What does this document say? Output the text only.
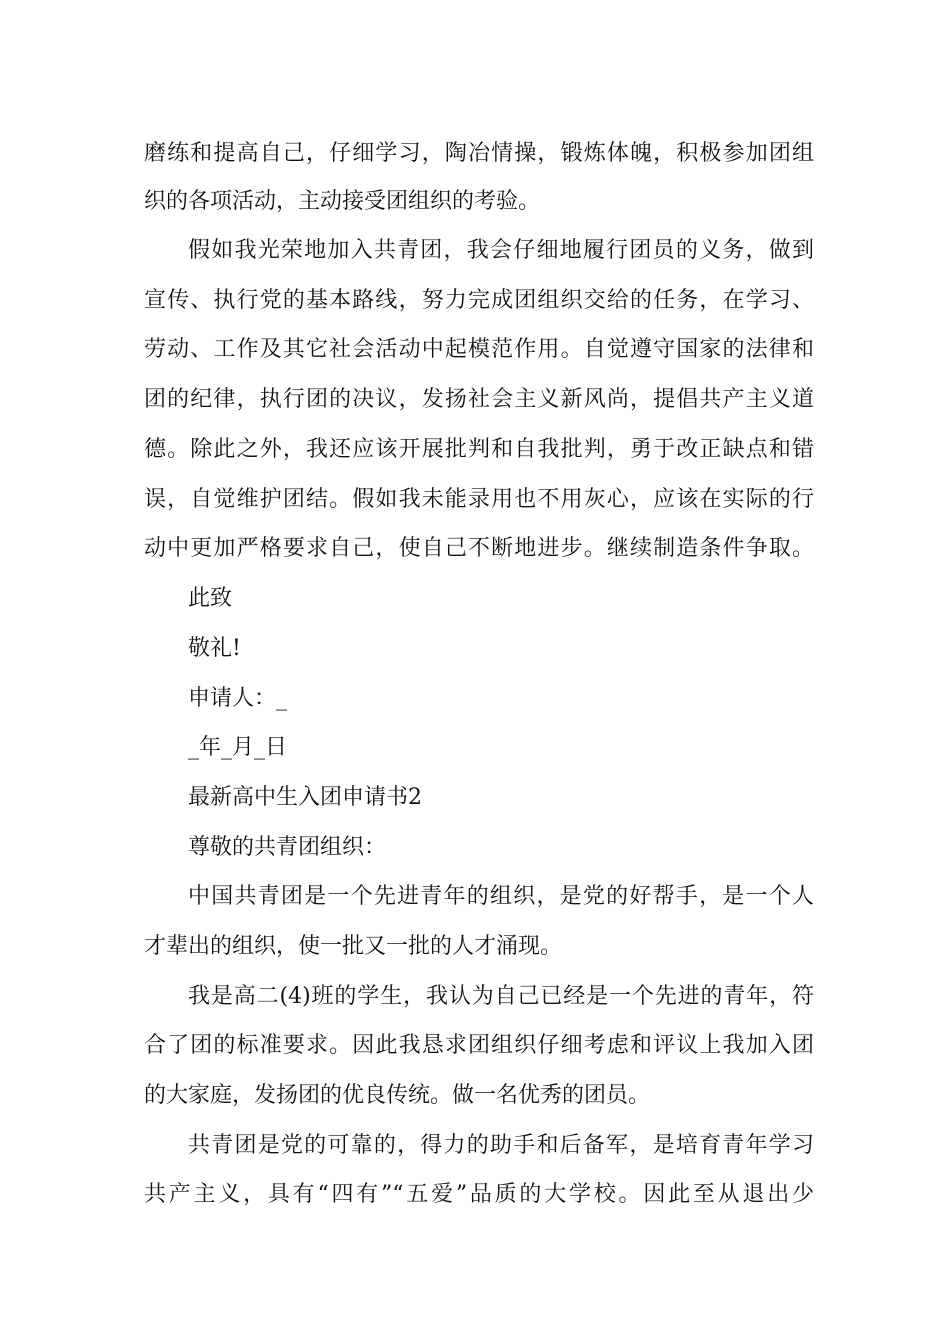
磨练和提高自己，仔细学习，陶冶情操，锻炼体魄，积极参加团组
织的各项活动，主动接受团组织的考验。
假如我光荣地加入共青团，我会仔细地履行团员的义务，做到
宣传、执行党的基本路线，努力完成团组织交给的任务，在学习、
劳动、工作及其它社会活动中起模范作用。自觉遵守国家的法律和
团的纪律，执行团的决议，发扬社会主义新风尚，提倡共产主义道
德。除此之外，我还应该开展批判和自我批判，勇于改正缺点和错
误，自觉维护团结。假如我未能录用也不用灰心，应该在实际的行
动中更加严格要求自己，使自己不断地进步。继续制造条件争取。
此致
敬礼!
申请人：_
_年_月_日
最新高中生入团申请书2
尊敬的共青团组织：
中国共青团是一个先进青年的组织，是党的好帮手，是一个人
才辈出的组织，使一批又一批的人才涌现。
我是高二(4)班的学生，我认为自己已经是一个先进的青年，符
合了团的标准要求。因此我恳求团组织仔细考虑和评议上我加入团
的大家庭，发扬团的优良传统。做一名优秀的团员。
共青团是党的可靠的，得力的助手和后备军，是培育青年学习
共产主义，具有“四有”“五爱”品质的大学校。因此至从退出少
